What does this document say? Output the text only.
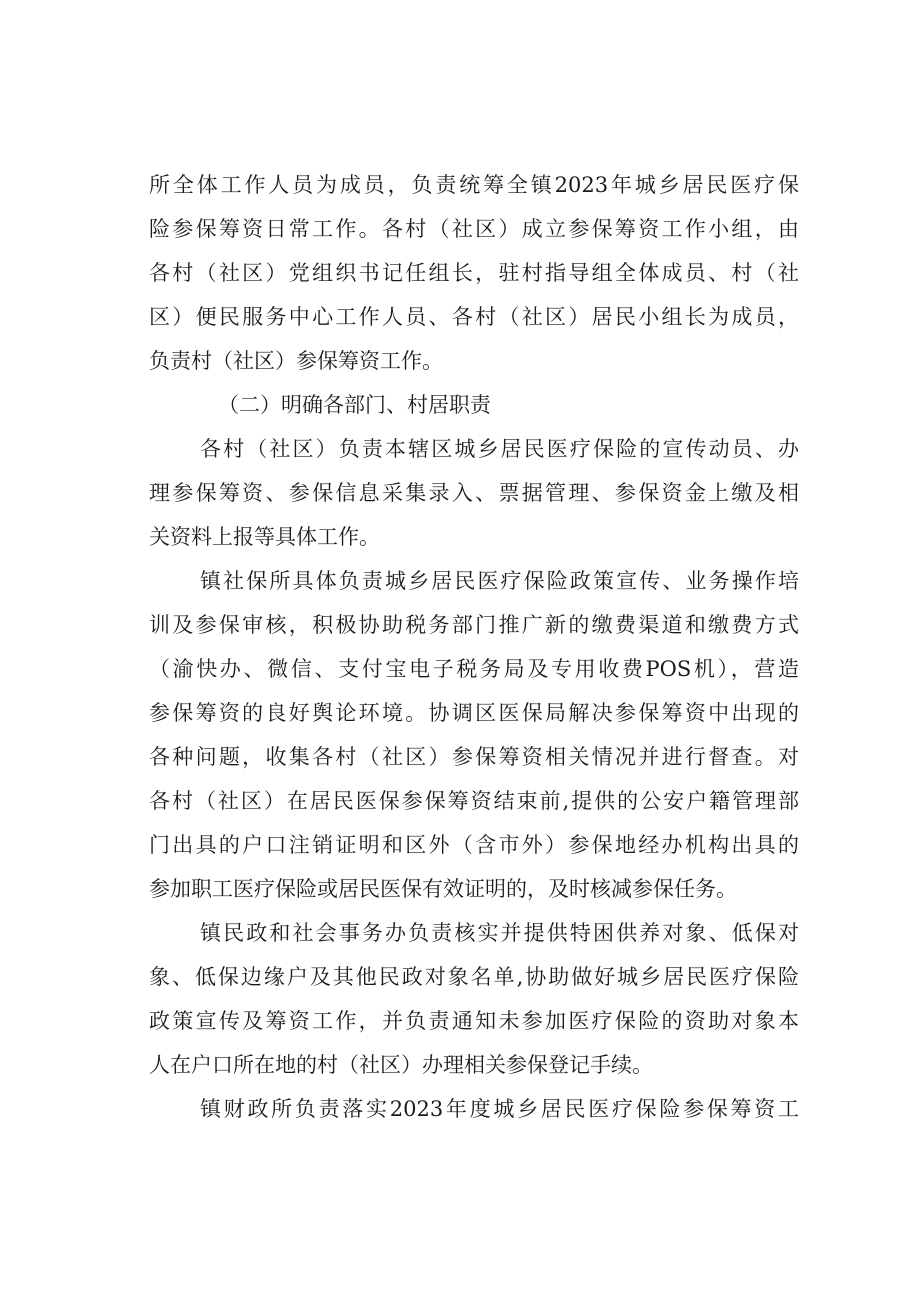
所全体工作人员为成员，负责统筹全镇2023年城乡居民医疗保
险参保筹资日常工作。各村（社区）成立参保筹资工作小组，由
各村（社区）党组织书记任组长，驻村指导组全体成员、村（社
区）便民服务中心工作人员、各村（社区）居民小组长为成员，
负责村（社区）参保筹资工作。
（二）明确各部门、村居职责
各村（社区）负责本辖区城乡居民医疗保险的宣传动员、办
理参保筹资、参保信息采集录入、票据管理、参保资金上缴及相
关资料上报等具体工作。
镇社保所具体负责城乡居民医疗保险政策宣传、业务操作培
训及参保审核，积极协助税务部门推广新的缴费渠道和缴费方式
（渝快办、微信、支付宝电子税务局及专用收费POS机），营造
参保筹资的良好舆论环境。协调区医保局解决参保筹资中出现的
各种问题，收集各村（社区）参保筹资相关情况并进行督查。对
各村（社区）在居民医保参保筹资结束前,提供的公安户籍管理部
门出具的户口注销证明和区外（含市外）参保地经办机构出具的
参加职工医疗保险或居民医保有效证明的，及时核减参保任务。
镇民政和社会事务办负责核实并提供特困供养对象、低保对
象、低保边缘户及其他民政对象名单,协助做好城乡居民医疗保险
政策宣传及筹资工作，并负责通知未参加医疗保险的资助对象本
人在户口所在地的村（社区）办理相关参保登记手续。
镇财政所负责落实2023年度城乡居民医疗保险参保筹资工
